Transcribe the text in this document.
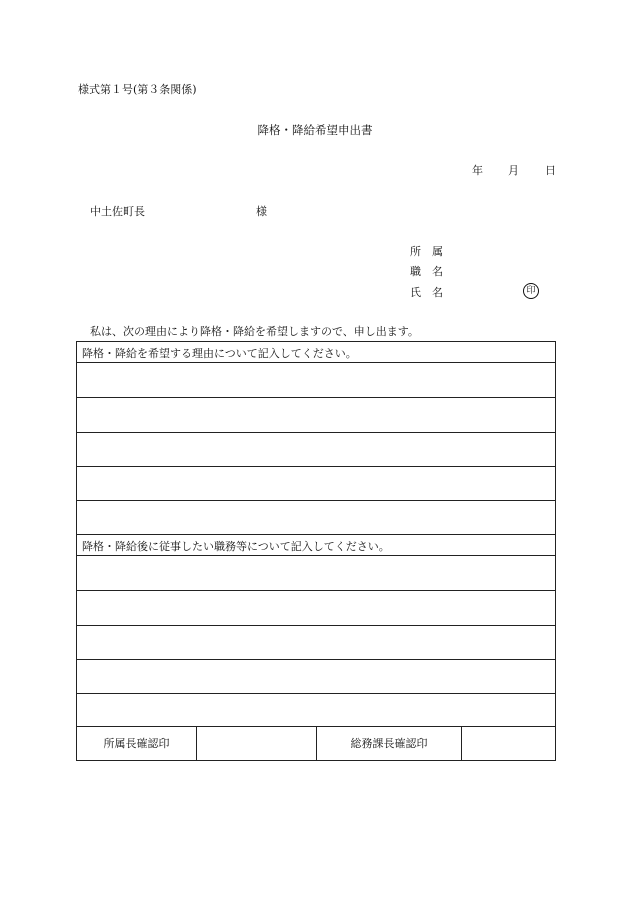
様式第１号(第３条関係)
降格・降給希望申出書
年 月 日
中土佐町長	様
所 属
職 名
氏 名	印
私は、次の理由により降格・降給を希望しますので、申し出ます。
降格・降給を希望する理由について記入してください。
降格・降給後に従事したい職務等について記入してください。
所属長確認印	総務課長確認印
